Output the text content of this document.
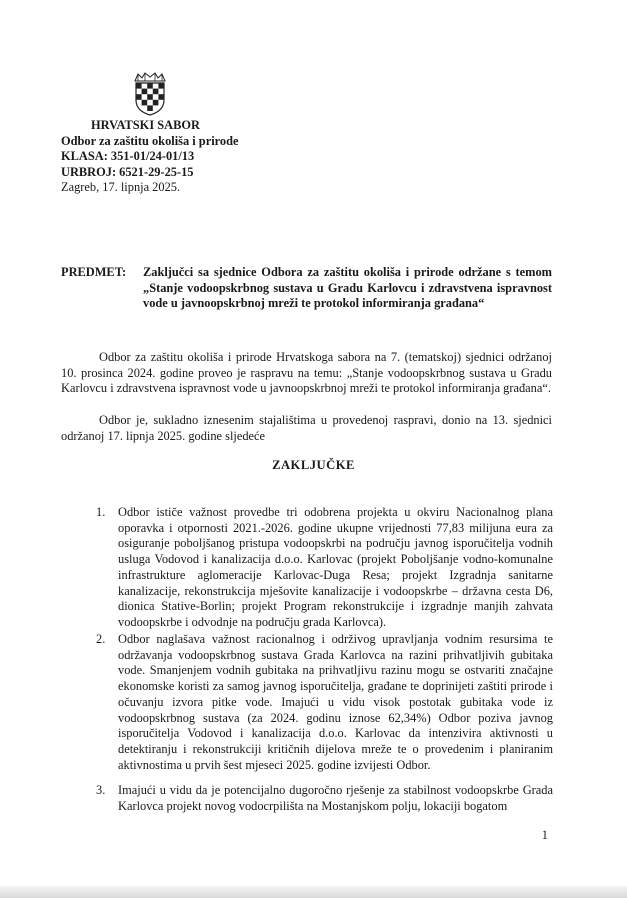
HRVATSKI SABOR
Odbor za zaštitu okoliša i prirode
KLASA: 351-01/24-01/13
URBROJ: 6521-29-25-15
Zagreb, 17. lipnja 2025.
PREDMET: Zaključci sa sjednice Odbora za zaštitu okoliša i prirode održane s temom „Stanje vodoopskrbnog sustava u Gradu Karlovcu i zdravstvena ispravnost vode u javnoopskrbnoj mreži te protokol informiranja građana“
Odbor za zaštitu okoliša i prirode Hrvatskoga sabora na 7. (tematskoj) sjednici održanoj 10. prosinca 2024. godine proveo je raspravu na temu: „Stanje vodoopskrbnog sustava u Gradu Karlovcu i zdravstvena ispravnost vode u javnoopskrbnoj mreži te protokol informiranja građana“.
Odbor je, sukladno iznesenim stajalištima u provedenoj raspravi, donio na 13. sjednici održanoj 17. lipnja 2025. godine sljedeće
ZAKLJUČKE
1. Odbor ističe važnost provedbe tri odobrena projekta u okviru Nacionalnog plana oporavka i otpornosti 2021.-2026. godine ukupne vrijednosti 77,83 milijuna eura za osiguranje poboljšanog pristupa vodoopskrbi na području javnog isporučitelja vodnih usluga Vodovod i kanalizacija d.o.o. Karlovac (projekt Poboljšanje vodno-komunalne infrastrukture aglomeracije Karlovac-Duga Resa; projekt Izgradnja sanitarne kanalizacije, rekonstrukcija mješovite kanalizacije i vodoopskrbe – državna cesta D6, dionica Stative-Borlin; projekt Program rekonstrukcije i izgradnje manjih zahvata vodoopskrbe i odvodnje na području grada Karlovca).
2. Odbor naglašava važnost racionalnog i održivog upravljanja vodnim resursima te održavanja vodoopskrbnog sustava Grada Karlovca na razini prihvatljivih gubitaka vode. Smanjenjem vodnih gubitaka na prihvatljivu razinu mogu se ostvariti značajne ekonomske koristi za samog javnog isporučitelja, građane te doprinijeti zaštiti prirode i očuvanju izvora pitke vode. Imajući u vidu visok postotak gubitaka vode iz vodoopskrbnog sustava (za 2024. godinu iznose 62,34%) Odbor poziva javnog isporučitelja Vodovod i kanalizacija d.o.o. Karlovac da intenzivira aktivnosti u detektiranju i rekonstrukciji kritičnih dijelova mreže te o provedenim i planiranim aktivnostima u prvih šest mjeseci 2025. godine izvijesti Odbor.
3. Imajući u vidu da je potencijalno dugoročno rješenje za stabilnost vodoopskrbe Grada Karlovca projekt novog vodocrpilišta na Mostanjskom polju, lokaciji bogatom
1
